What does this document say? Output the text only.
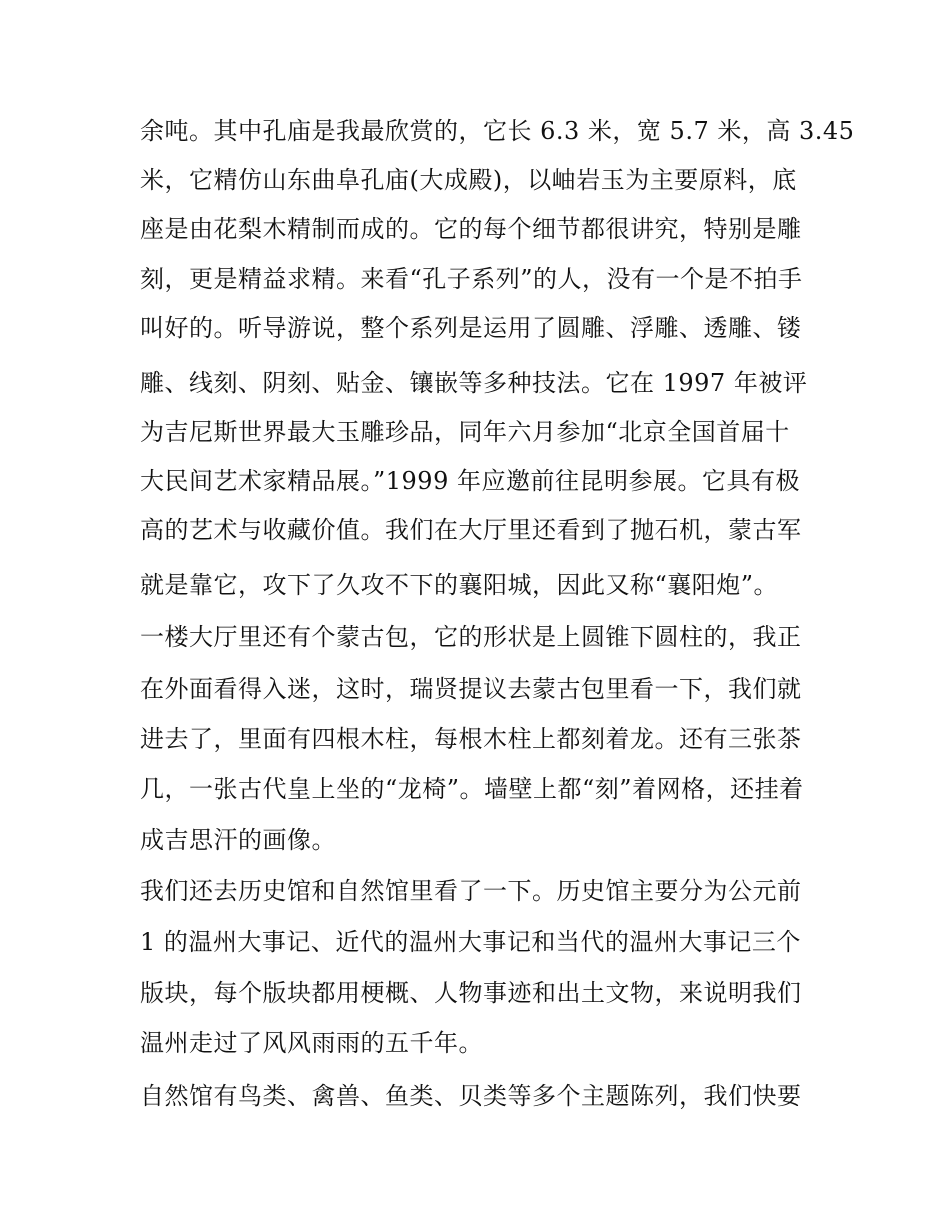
余吨。其中孔庙是我最欣赏的，它长 6.3 米，宽 5.7 米，高 3.45
米，它精仿山东曲阜孔庙(大成殿)，以岫岩玉为主要原料，底
座是由花梨木精制而成的。它的每个细节都很讲究，特别是雕
刻，更是精益求精。来看“孔子系列”的人，没有一个是不拍手
叫好的。听导游说，整个系列是运用了圆雕、浮雕、透雕、镂
雕、线刻、阴刻、贴金、镶嵌等多种技法。它在 1997 年被评
为吉尼斯世界最大玉雕珍品，同年六月参加“北京全国首届十
大民间艺术家精品展。”1999 年应邀前往昆明参展。它具有极
高的艺术与收藏价值。我们在大厅里还看到了抛石机，蒙古军
就是靠它，攻下了久攻不下的襄阳城，因此又称“襄阳炮”。
一楼大厅里还有个蒙古包，它的形状是上圆锥下圆柱的，我正
在外面看得入迷，这时，瑞贤提议去蒙古包里看一下，我们就
进去了，里面有四根木柱，每根木柱上都刻着龙。还有三张茶
几，一张古代皇上坐的“龙椅”。墙壁上都“刻”着网格，还挂着
成吉思汗的画像。
我们还去历史馆和自然馆里看了一下。历史馆主要分为公元前
1 的温州大事记、近代的温州大事记和当代的温州大事记三个
版块，每个版块都用梗概、人物事迹和出土文物，来说明我们
温州走过了风风雨雨的五千年。
自然馆有鸟类、禽兽、鱼类、贝类等多个主题陈列，我们快要
